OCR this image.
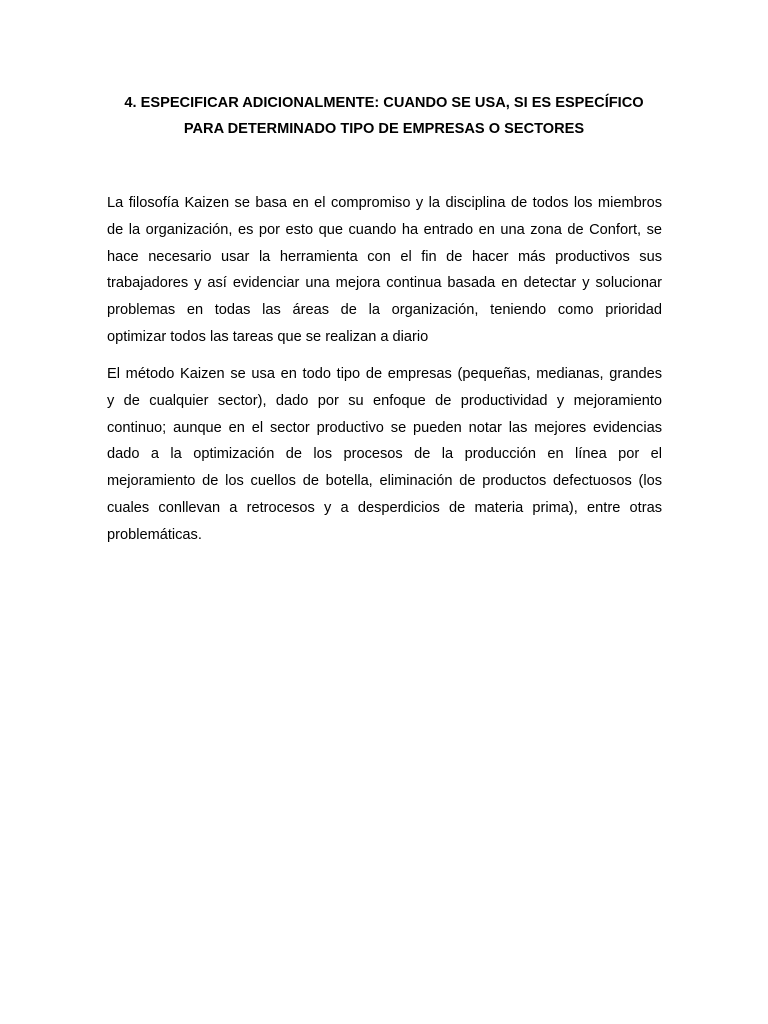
4. ESPECIFICAR ADICIONALMENTE: CUANDO SE USA, SI ES ESPECÍFICO
PARA DETERMINADO TIPO DE EMPRESAS O SECTORES

La filosofía Kaizen se basa en el compromiso y la disciplina de todos los miembros
de la organización, es por esto que cuando ha entrado en una zona de Confort, se
hace necesario usar la herramienta con el fin de hacer más productivos sus
trabajadores y así evidenciar una mejora continua basada en detectar y solucionar
problemas en todas las áreas de la organización, teniendo como prioridad
optimizar todos las tareas que se realizan a diario

El método Kaizen se usa en todo tipo de empresas (pequeñas, medianas, grandes
y de cualquier sector), dado por su enfoque de productividad y mejoramiento
continuo; aunque en el sector productivo se pueden notar las mejores evidencias
dado a la optimización de los procesos de la producción en línea por el
mejoramiento de los cuellos de botella, eliminación de productos defectuosos (los
cuales conllevan a retrocesos y a desperdicios de materia prima), entre otras
problemáticas.
